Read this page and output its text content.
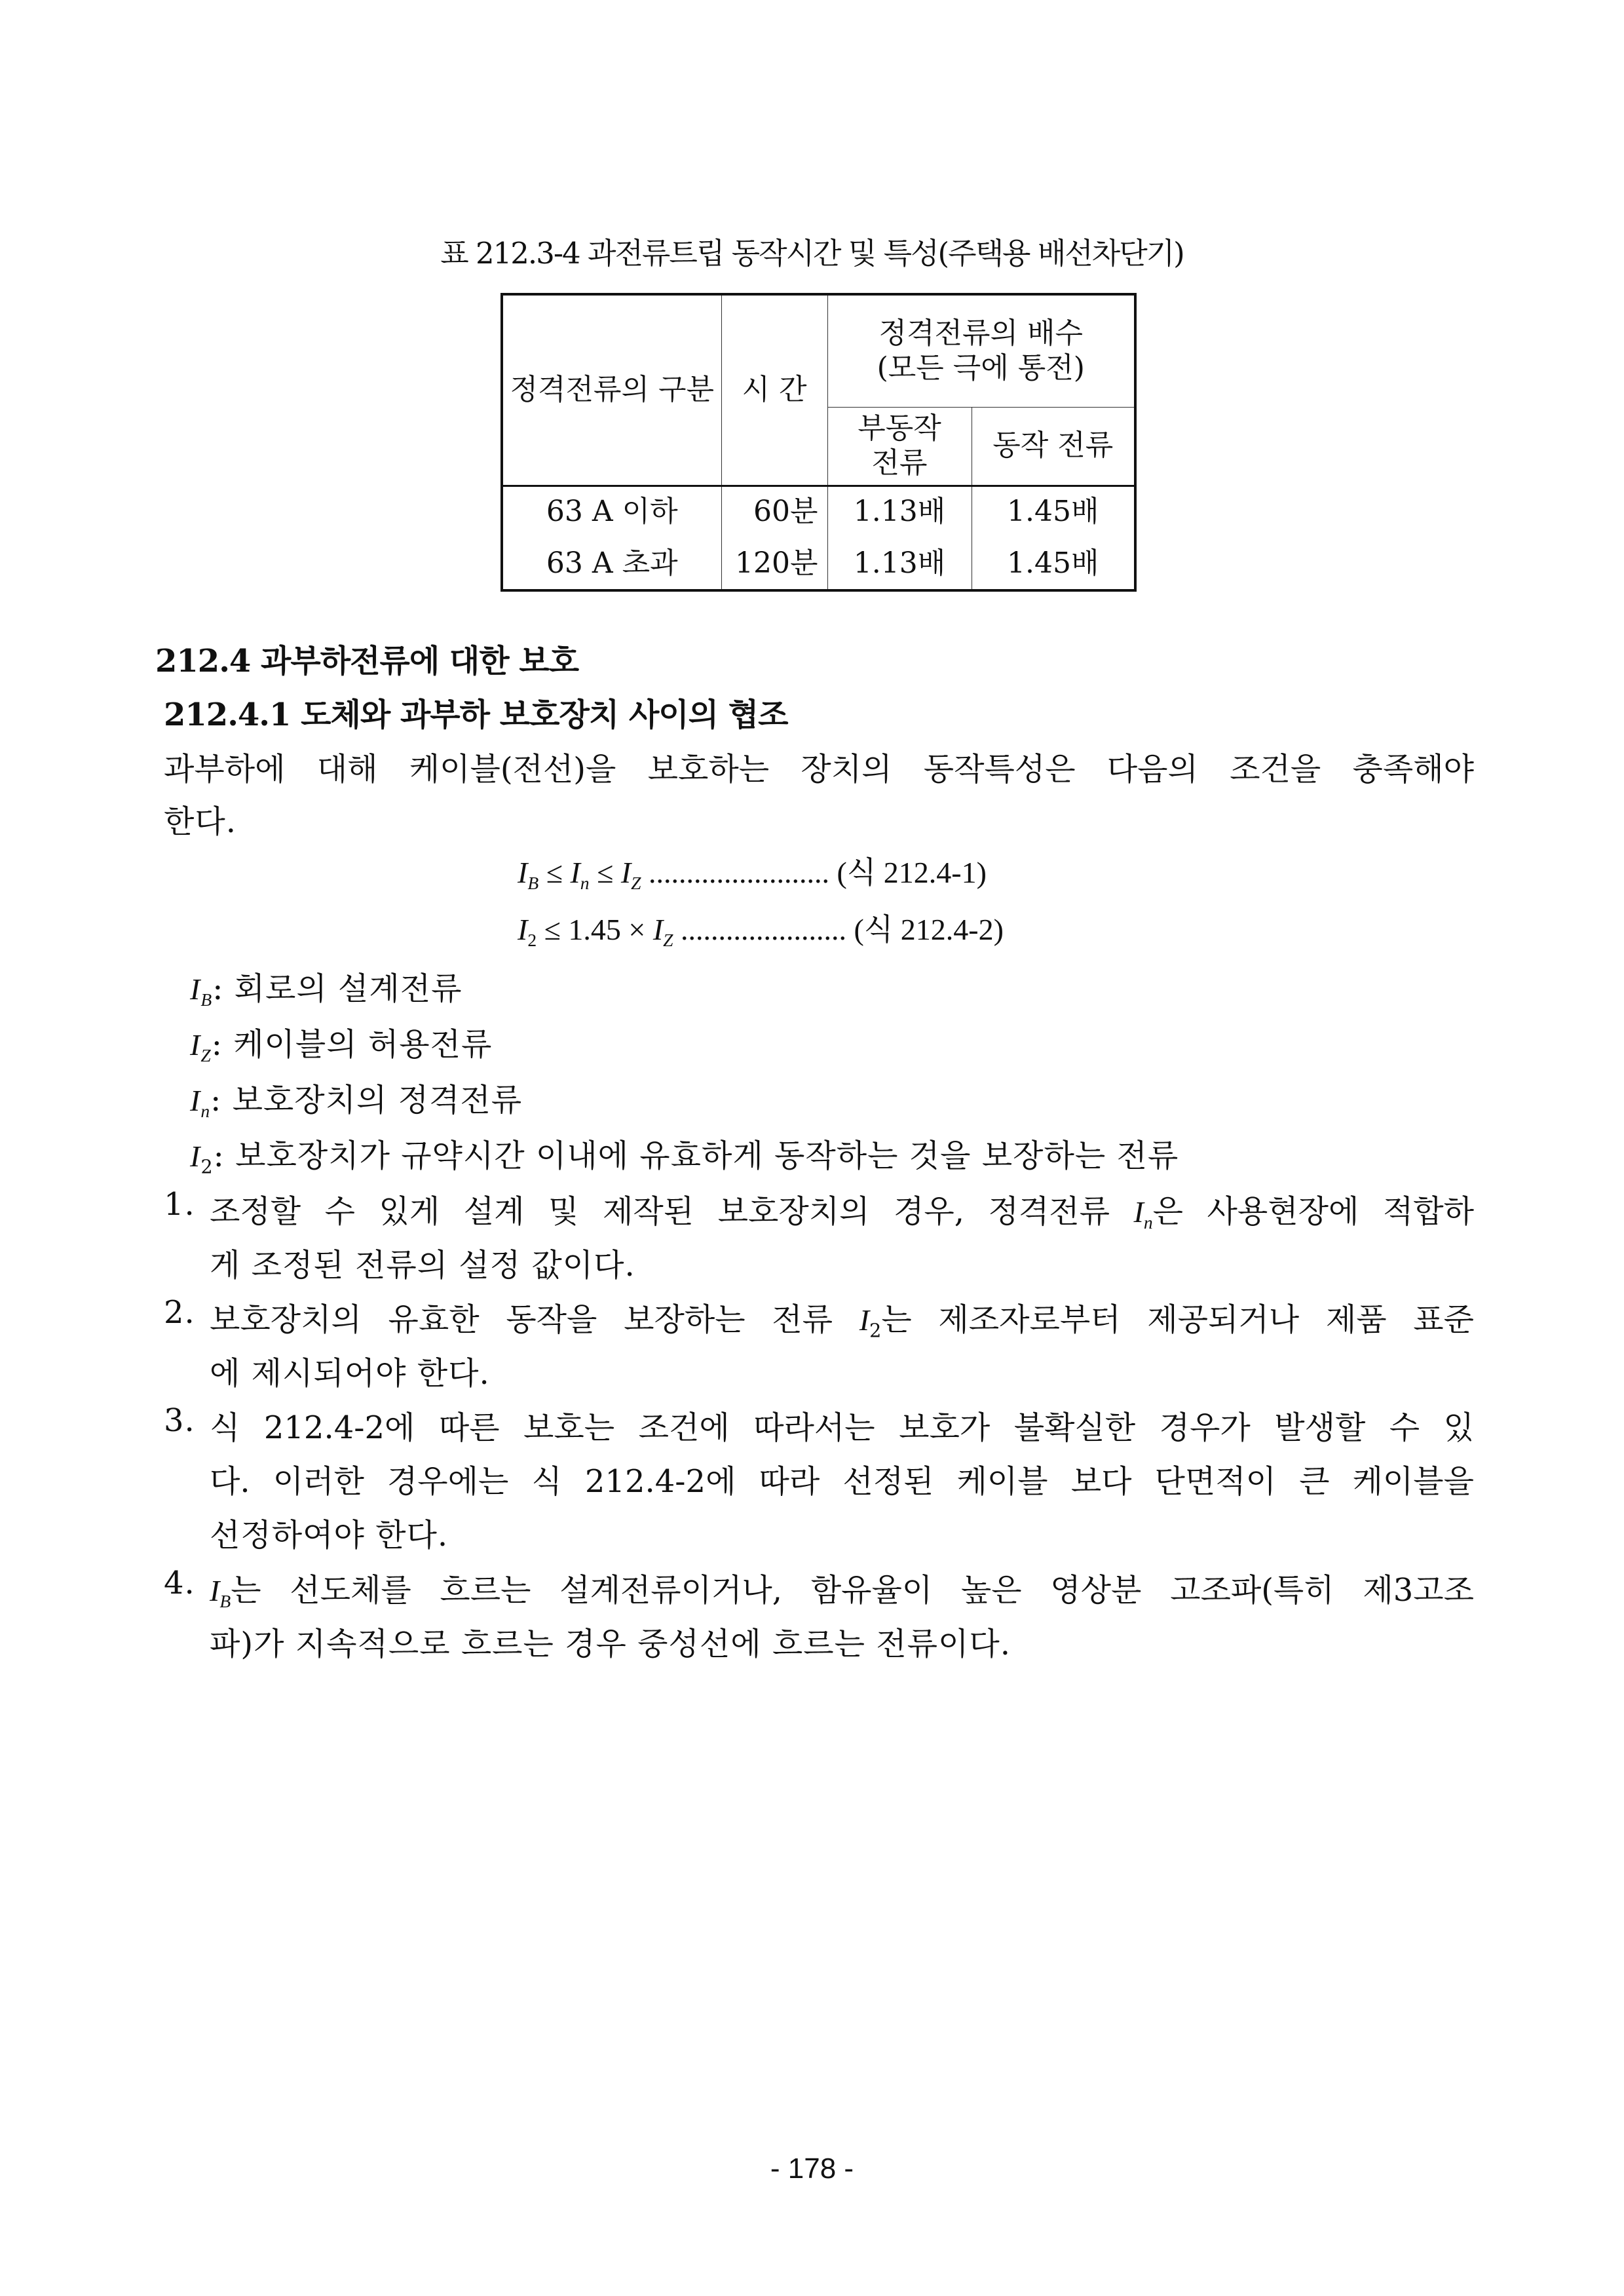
표 212.3-4 과전류트립 동작시간 및 특성(주택용 배선차단기)
정격전류의 구분	시 간	정격전류의 배수(모든 극에 통전)	
		부동작 전류	동작 전류
63 A 이하	60분	1.13배	1.45배
63 A 초과	120분	1.13배	1.45배
212.4 과부하전류에 대한 보호
212.4.1 도체와 과부하 보호장치 사이의 협조
과부하에 대해 케이블(전선)을 보호하는 장치의 동작특성은 다음의 조건을 충족해야
한다.
$I_B \le I_n \le I_Z$ ........................ (식 212.4-1)
$I_2 \le 1.45 \times I_Z$ ...................... (식 212.4-2)
$I_B$: 회로의 설계전류
$I_Z$: 케이블의 허용전류
$I_n$: 보호장치의 정격전류
$I_2$: 보호장치가 규약시간 이내에 유효하게 동작하는 것을 보장하는 전류
1. 조정할 수 있게 설계 및 제작된 보호장치의 경우, 정격전류 $I_n$은 사용현장에 적합하
게 조정된 전류의 설정 값이다.
2. 보호장치의 유효한 동작을 보장하는 전류 $I_2$는 제조자로부터 제공되거나 제품 표준
에 제시되어야 한다.
3. 식 212.4-2에 따른 보호는 조건에 따라서는 보호가 불확실한 경우가 발생할 수 있
다. 이러한 경우에는 식 212.4-2에 따라 선정된 케이블 보다 단면적이 큰 케이블을
선정하여야 한다.
4. $I_B$는 선도체를 흐르는 설계전류이거나, 함유율이 높은 영상분 고조파(특히 제3고조
파)가 지속적으로 흐르는 경우 중성선에 흐르는 전류이다.
- 178 -
